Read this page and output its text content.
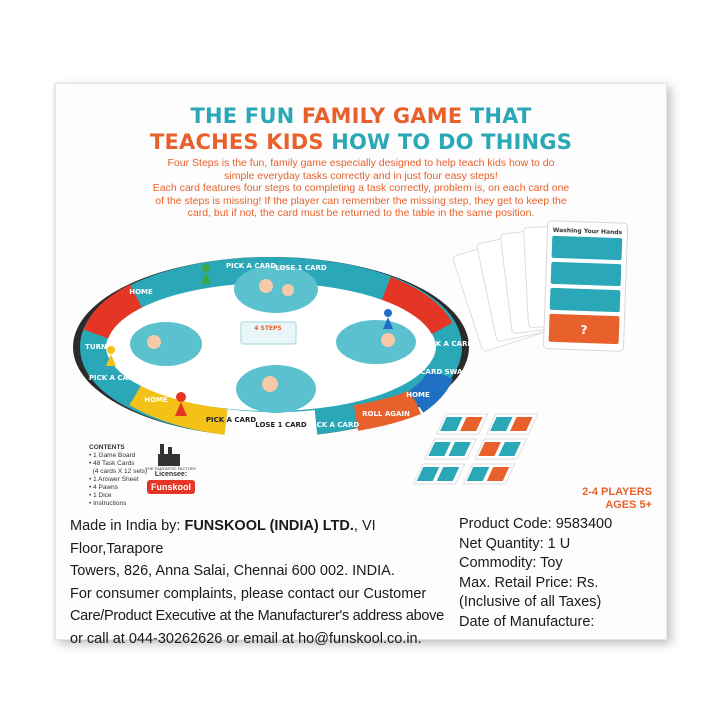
THE FUN FAMILY GAME THAT
TEACHES KIDS HOW TO DO THINGS

Four Steps is the fun, family game especially designed to help teach kids how to do simple everyday tasks correctly and in just four easy steps!

Each card features four steps to completing a task correctly, problem is, on each card one of the steps is missing! If the player can remember the missing step, they get to keep the card, but if not, the card must be returned to the table in the same position.

4 STEPS
LOSE 1 CARD PICK A CARD
ROLL AGAIN
HOME
CARD SWAP
PICK A CARD
TURN
HOME
PICK A CARD
PICK A CARD
HOME
LOSE 1 CARD
PICK A CARD
Washing Your Hands
?
CONTENTS
• 1 Game Board
• 48 Task Cards
(4 cards X 12 sets)
• 1 Answer Sheet
• 4 Pawns
• 1 Dice
• Instructions
THE FANTASTIC FACTORY
Licensee:
Funskool	2-4 PLAYERS
AGES 5+
Made in India by: FUNSKOOL (INDIA) LTD., VI Floor,Tarapore
Towers, 826, Anna Salai, Chennai 600 002. INDIA.
For consumer complaints, please contact our Customer
Care/Product Executive at the Manufacturer's address above
or call at 044-30262626 or email at ho@funskool.co.in.
Product Code: 9583400
Net Quantity: 1 U
Commodity: Toy
Max. Retail Price: Rs.
(Inclusive of all Taxes)
Date of Manufacture:
